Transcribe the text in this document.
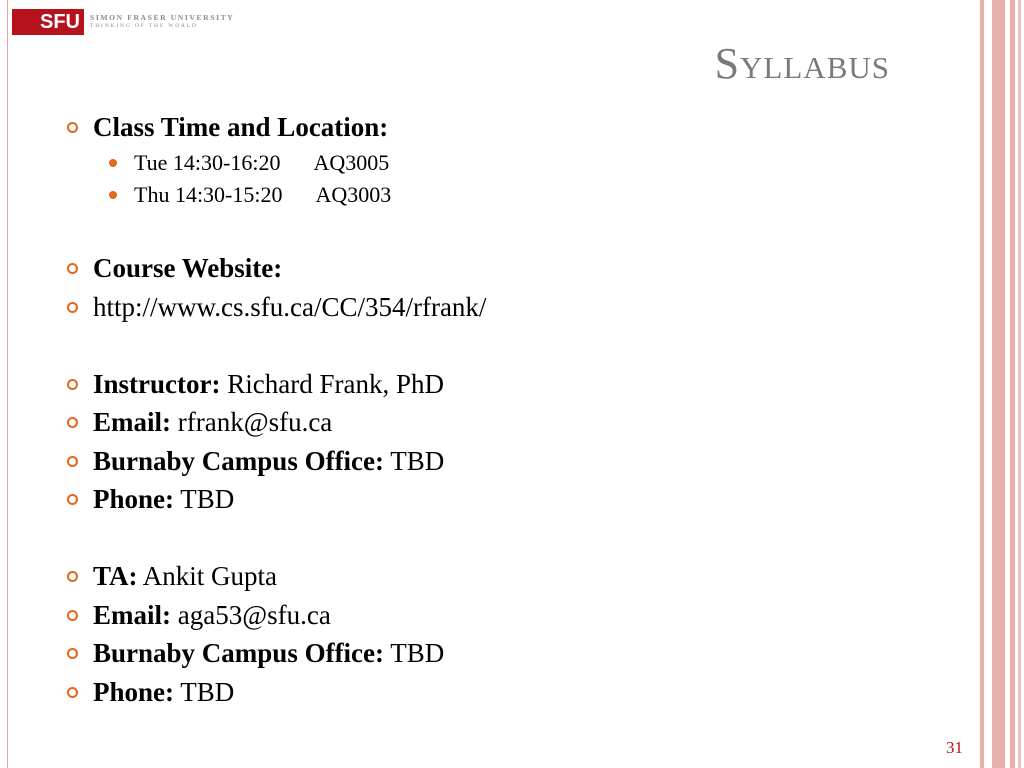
SFU SIMON FRASER UNIVERSITY
THINKING OF THE WORLD
Syllabus
Class Time and Location:
Tue 14:30-16:20 AQ3005
Thu 14:30-15:20 AQ3003
Course Website:
http://www.cs.sfu.ca/CC/354/rfrank/
Instructor: Richard Frank, PhD
Email: rfrank@sfu.ca
Burnaby Campus Office: TBD
Phone: TBD
TA: Ankit Gupta
Email: aga53@sfu.ca
Burnaby Campus Office: TBD
Phone: TBD
31
